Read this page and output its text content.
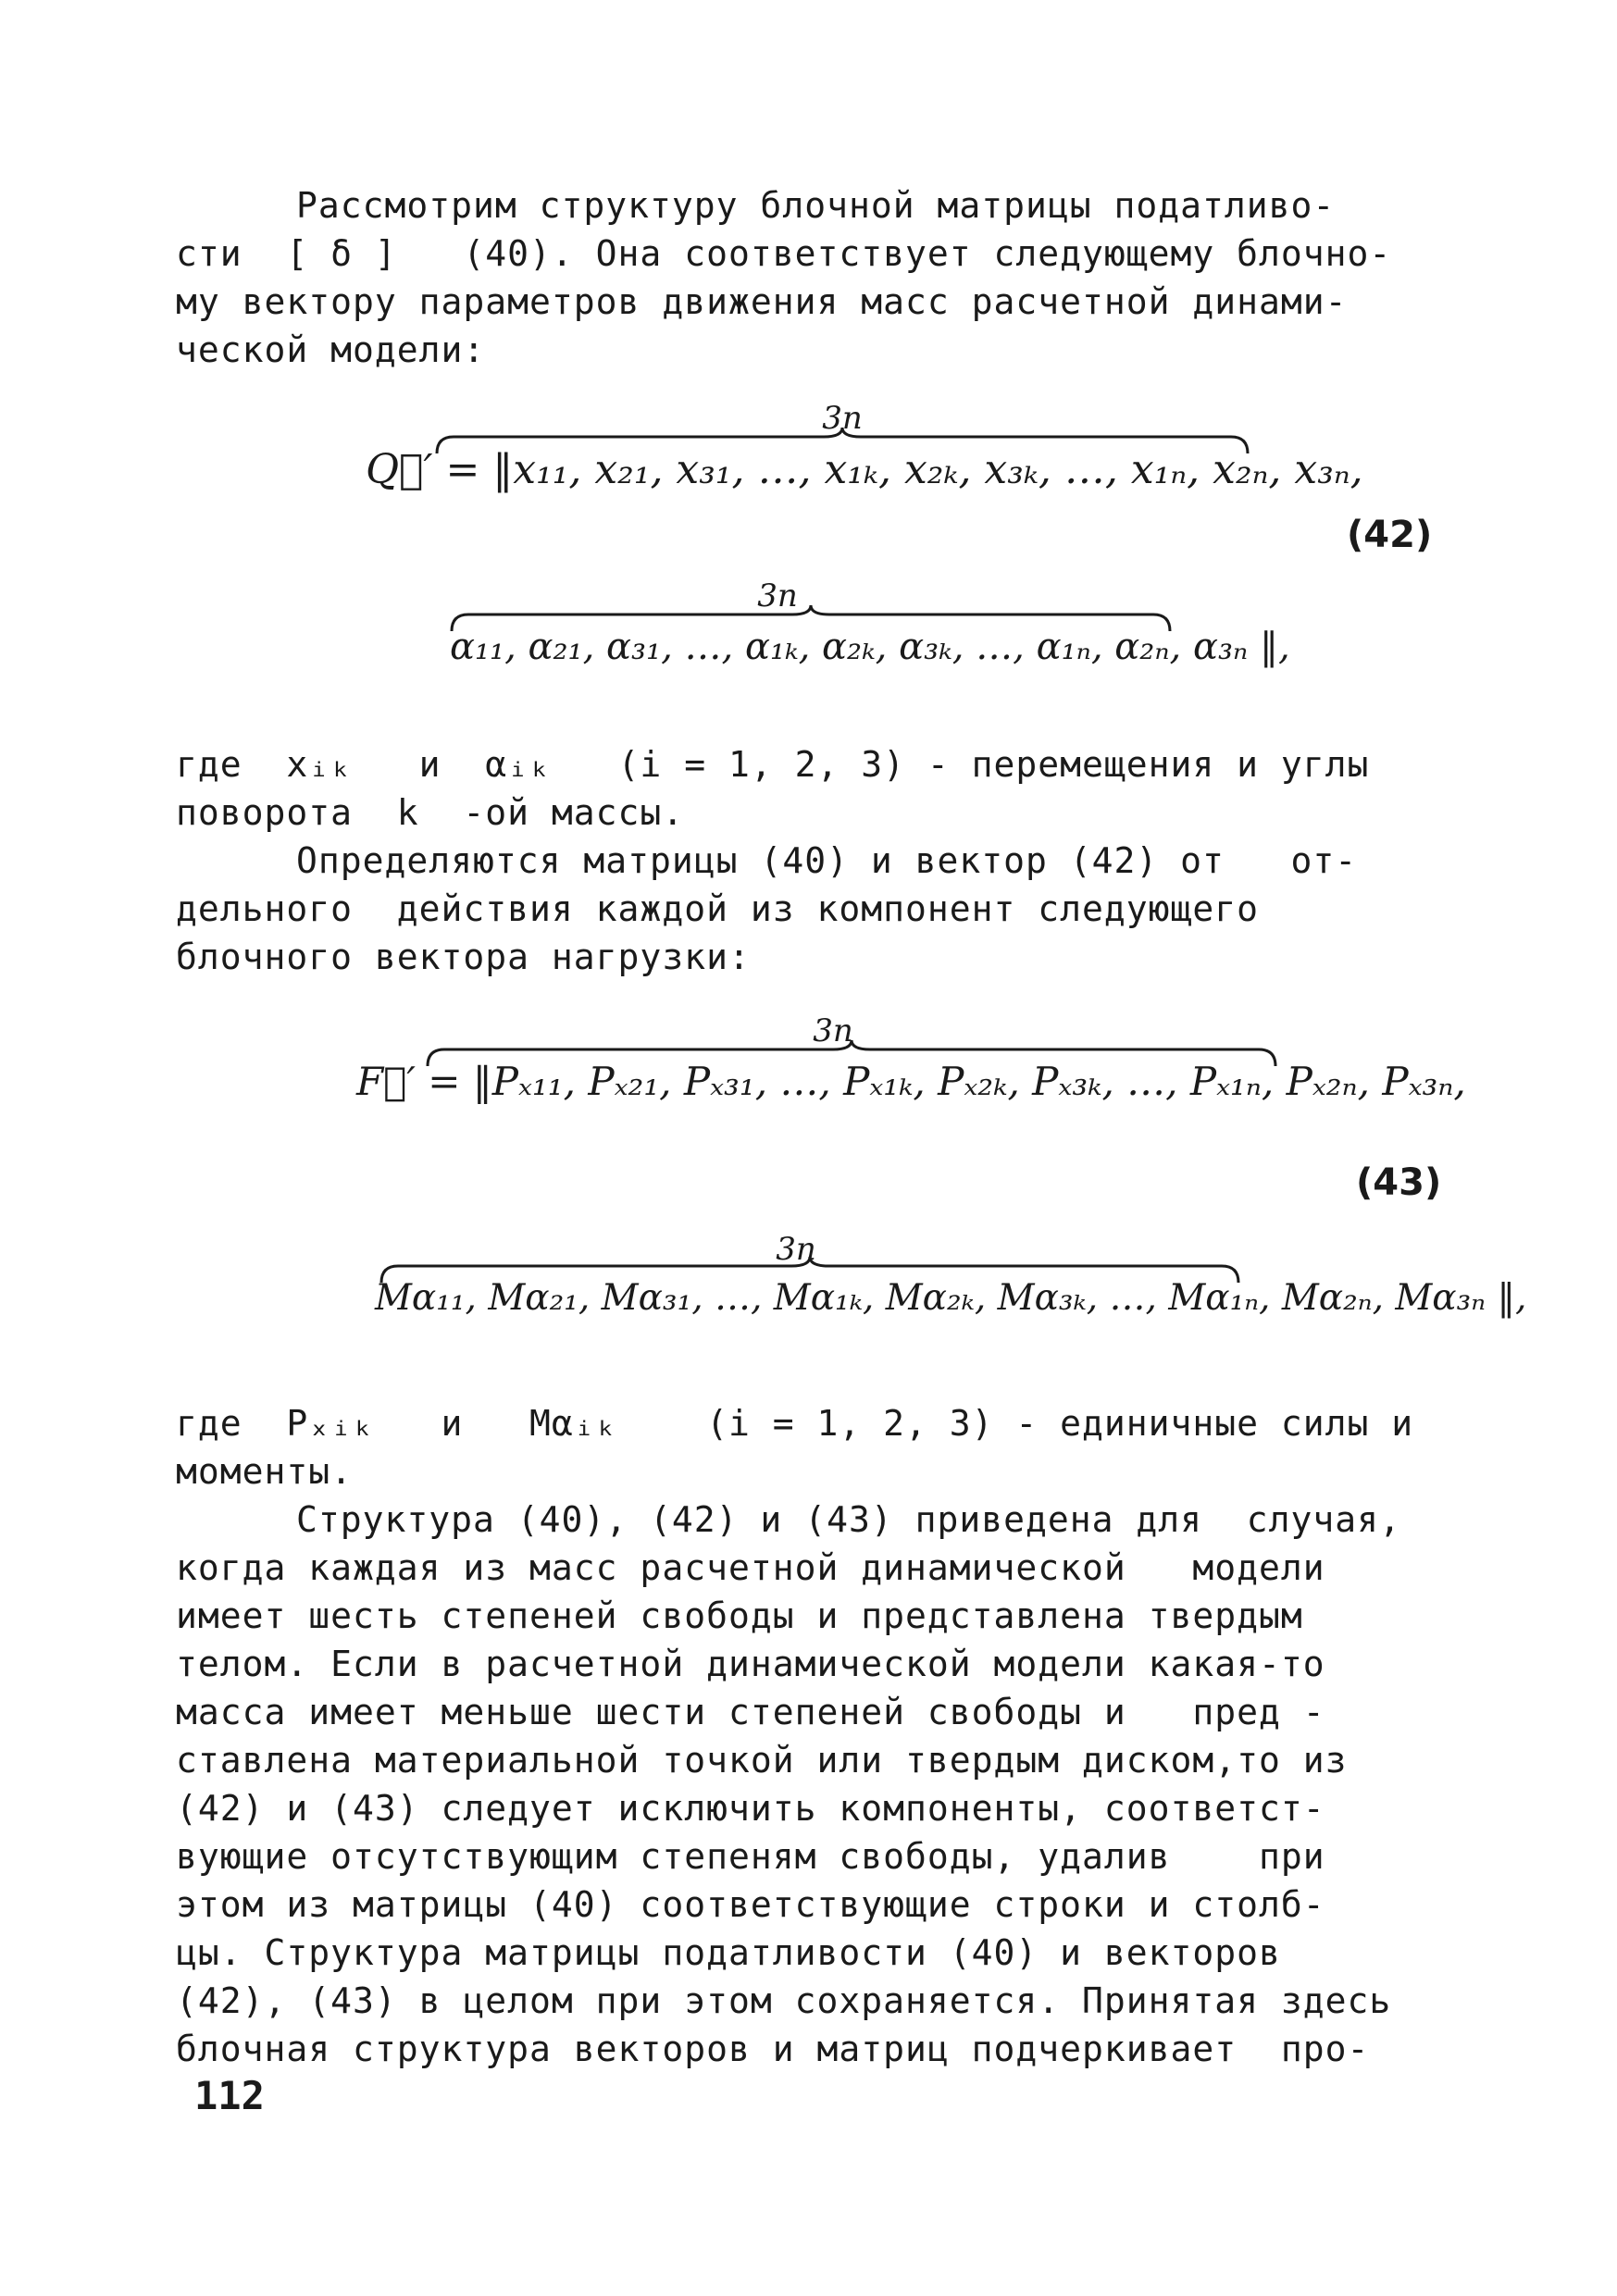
Рассмотрим структуру блочной матрицы податливо-
сти  [ δ ]   (40). Она соответствует следующему блочно-
му вектору параметров движения масс расчетной динами-
ческой модели:
3n
Q⃗′ = ‖x₁₁, x₂₁, x₃₁, …, x₁ₖ, x₂ₖ, x₃ₖ, …, x₁ₙ, x₂ₙ, x₃ₙ,
3n
α₁₁, α₂₁, α₃₁, …, α₁ₖ, α₂ₖ, α₃ₖ, …, α₁ₙ, α₂ₙ, α₃ₙ ‖,
(42)
где  xᵢₖ   и  αᵢₖ   (i = 1, 2, 3) - перемещения и углы
поворота  k  -ой массы.
Определяются матрицы (40) и вектор (42) от   от-
дельного  действия каждой из компонент следующего
блочного вектора нагрузки:
3n
F⃗′ = ‖Pₓ₁₁, Pₓ₂₁, Pₓ₃₁, …, Pₓ₁ₖ, Pₓ₂ₖ, Pₓ₃ₖ, …, Pₓ₁ₙ, Pₓ₂ₙ, Pₓ₃ₙ,
3n
Mα₁₁, Mα₂₁, Mα₃₁, …, Mα₁ₖ, Mα₂ₖ, Mα₃ₖ, …, Mα₁ₙ, Mα₂ₙ, Mα₃ₙ ‖,
(43)
где  Pₓᵢₖ   и   Mαᵢₖ    (i = 1, 2, 3) - единичные силы и
моменты.
Структура (40), (42) и (43) приведена для  случая,
когда каждая из масс расчетной динамической   модели
имеет шесть степеней свободы и представлена твердым
телом. Если в расчетной динамической модели какая-то
масса имеет меньше шести степеней свободы и   пред -
ставлена материальной точкой или твердым диском,то из
(42) и (43) следует исключить компоненты, соответст-
вующие отсутствующим степеням свободы, удалив    при
этом из матрицы (40) соответствующие строки и столб-
цы. Структура матрицы податливости (40) и векторов
(42), (43) в целом при этом сохраняется. Принятая здесь
блочная структура векторов и матриц подчеркивает  про-
112
